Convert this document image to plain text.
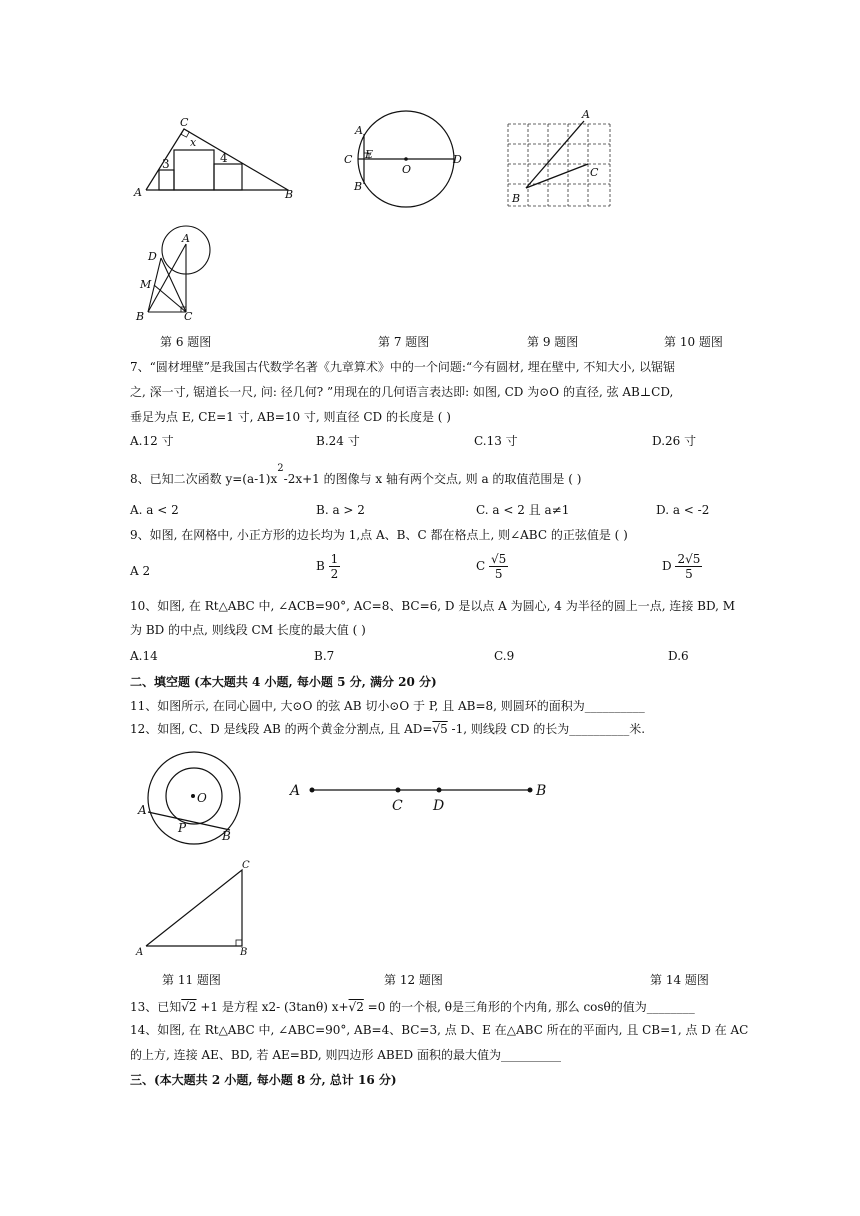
C
x
3	4
A	B
A
C E
B
O
D
A
C
B
A
D
M
B	C
第 6 题图	第 7 题图	第 9 题图	第 10 题图
7、“圆材埋壁”是我国古代数学名著《九章算术》中的一个问题:“今有圆材, 埋在壁中, 不知大小, 以锯锯
之, 深一寸, 锯道长一尺, 问: 径几何? ”用现在的几何语言表达即: 如图, CD 为⊙O 的直径, 弦 AB⊥CD,
垂足为点 E, CE=1 寸, AB=10 寸, 则直径 CD 的长度是 ( )
A.12 寸	B.24 寸	C.13 寸	D.26 寸
8、已知二次函数 $y=(a-1)x^2-2x+1$ 的图像与 x 轴有两个交点, 则 a 的取值范围是 ( )
A. a < 2	B. a > 2	C. a < 2 且 a≠1	D. a < -2
9、如图, 在网格中, 小正方形的边长均为 1,点 A、B、C 都在格点上, 则∠ABC 的正弦值是 ( )
A 2	B $\frac{1}{2}$	C $\frac{√5}{5}$	D $\frac{2√5}{5}$
10、如图, 在 Rt△ABC 中, ∠ACB=90°, AC=8、BC=6, D 是以点 A 为圆心, 4 为半径的圆上一点, 连接 BD, M
为 BD 的中点, 则线段 CM 长度的最大值 ( )
A.14	B.7	C.9	D.6
二、填空题 (本大题共 4 小题, 每小题 5 分, 满分 20 分)
11、如图所示, 在同心圆中, 大⊙O 的弦 AB 切小⊙O 于 P, 且 AB=8, 则圆环的面积为__________
12、如图, C、D 是线段 AB 的两个黄金分割点, 且 AD=√5 -1, 则线段 CD 的长为__________米.
O
A
P
B
A
C D
B
C
A	B
第 11 题图	第 12 题图	第 14 题图
13、已知√2 +1 是方程 x2- (3tanθ) x+√2 =0 的一个根, θ是三角形的个内角, 那么 cosθ的值为________
14、如图, 在 Rt△ABC 中, ∠ABC=90°, AB=4、BC=3, 点 D、E 在△ABC 所在的平面内, 且 CB=1, 点 D 在 AC
的上方, 连接 AE、BD, 若 AE=BD, 则四边形 ABED 面积的最大值为__________
三、(本大题共 2 小题, 每小题 8 分, 总计 16 分)
